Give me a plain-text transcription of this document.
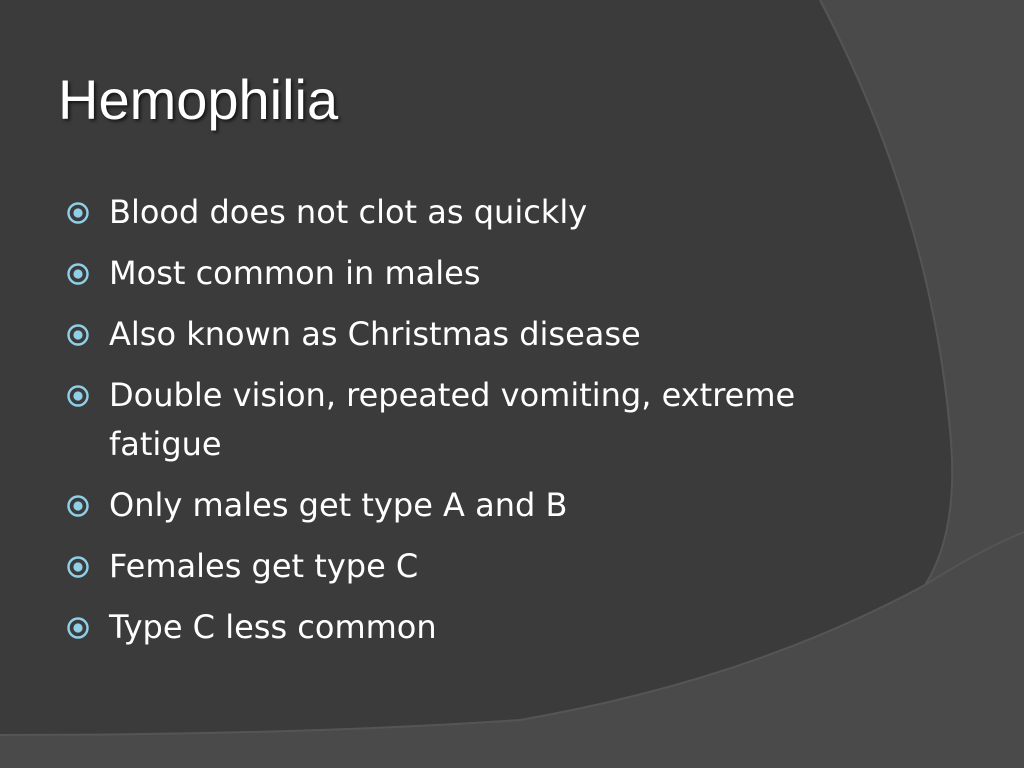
Hemophilia
Blood does not clot as quickly
Most common in males
Also known as Christmas disease
Double vision, repeated vomiting, extreme fatigue
Only males get type A and B
Females get type C
Type C less common
